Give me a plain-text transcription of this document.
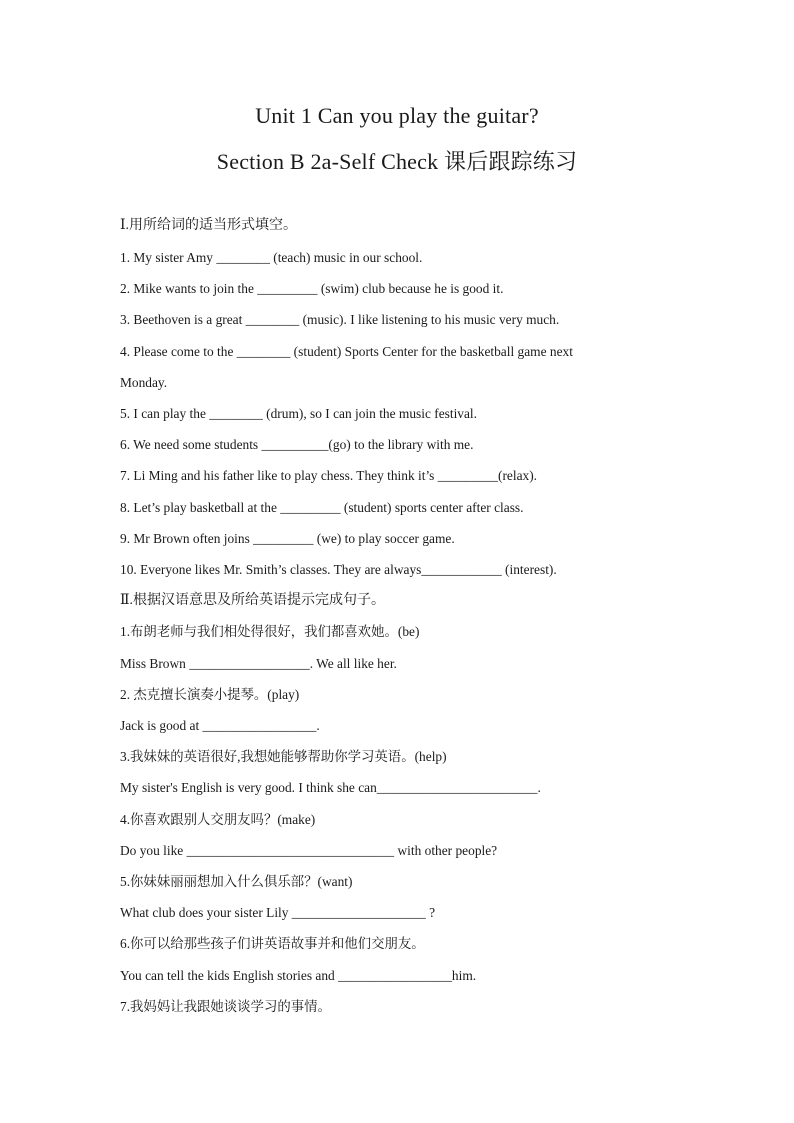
Unit 1 Can you play the guitar?
Section B 2a-Self Check 课后跟踪练习
Ⅰ.用所给词的适当形式填空。
1. My sister Amy ________ (teach) music in our school.
2. Mike wants to join the _________ (swim) club because he is good it.
3. Beethoven is a great ________ (music). I like listening to his music very much.
4. Please come to the ________ (student) Sports Center for the basketball game next
Monday.
5. I can play the ________ (drum), so I can join the music festival.
6. We need some students __________(go) to the library with me.
7. Li Ming and his father like to play chess. They think it’s _________(relax).
8. Let’s play basketball at the _________ (student) sports center after class.
9. Mr Brown often joins _________ (we) to play soccer game.
10. Everyone likes Mr. Smith’s classes. They are always____________ (interest).
Ⅱ.根据汉语意思及所给英语提示完成句子。
1.布朗老师与我们相处得很好，我们都喜欢她。(be)
Miss Brown __________________. We all like her.
2. 杰克擅长演奏小提琴。(play)
Jack is good at _________________.
3.我妹妹的英语很好,我想她能够帮助你学习英语。(help)
My sister's English is very good. I think she can________________________.
4.你喜欢跟别人交朋友吗？(make)
Do you like _______________________________ with other people?
5.你妹妹丽丽想加入什么俱乐部？(want)
What club does your sister Lily ____________________ ?
6.你可以给那些孩子们讲英语故事并和他们交朋友。
You can tell the kids English stories and _________________him.
7.我妈妈让我跟她谈谈学习的事情。
